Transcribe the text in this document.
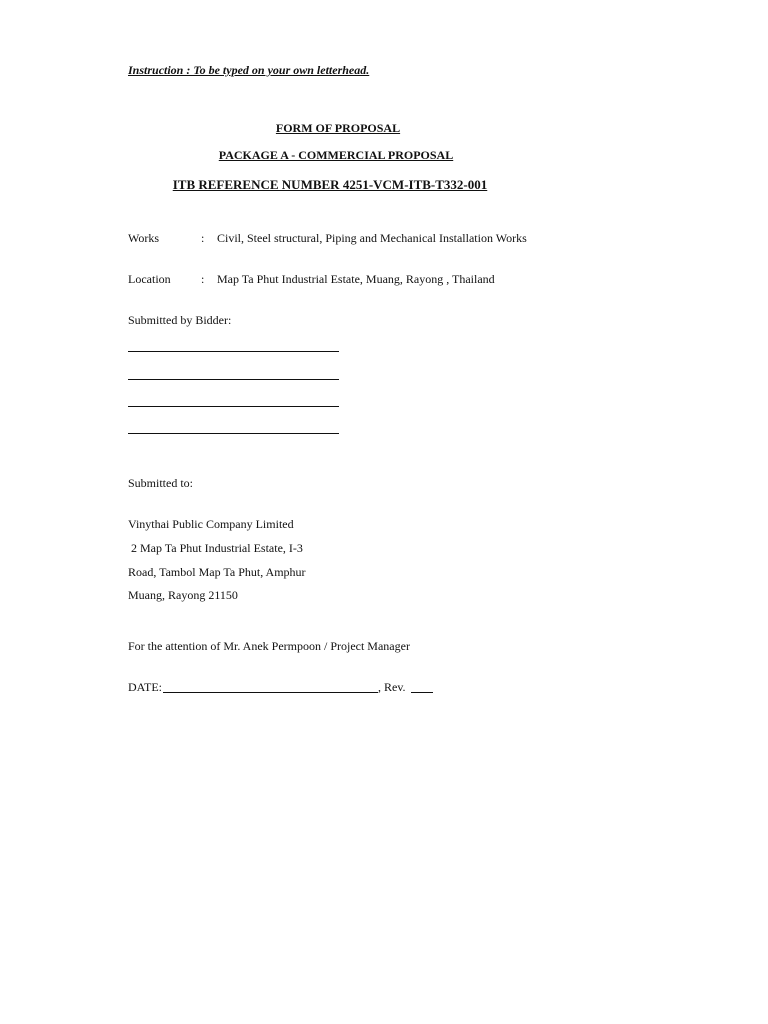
Instruction : To be typed on your own letterhead.
FORM OF PROPOSAL
PACKAGE A - COMMERCIAL PROPOSAL
ITB REFERENCE NUMBER 4251-VCM-ITB-T332-001
Works	: Civil, Steel structural, Piping and Mechanical Installation Works
Location	: Map Ta Phut Industrial Estate, Muang, Rayong , Thailand
Submitted by Bidder:
Submitted to:
Vinythai Public Company Limited
2 Map Ta Phut Industrial Estate, I-3
Road, Tambol Map Ta Phut, Amphur
Muang, Rayong 21150
For the attention of Mr. Anek Permpoon / Project Manager
DATE:	, Rev.
